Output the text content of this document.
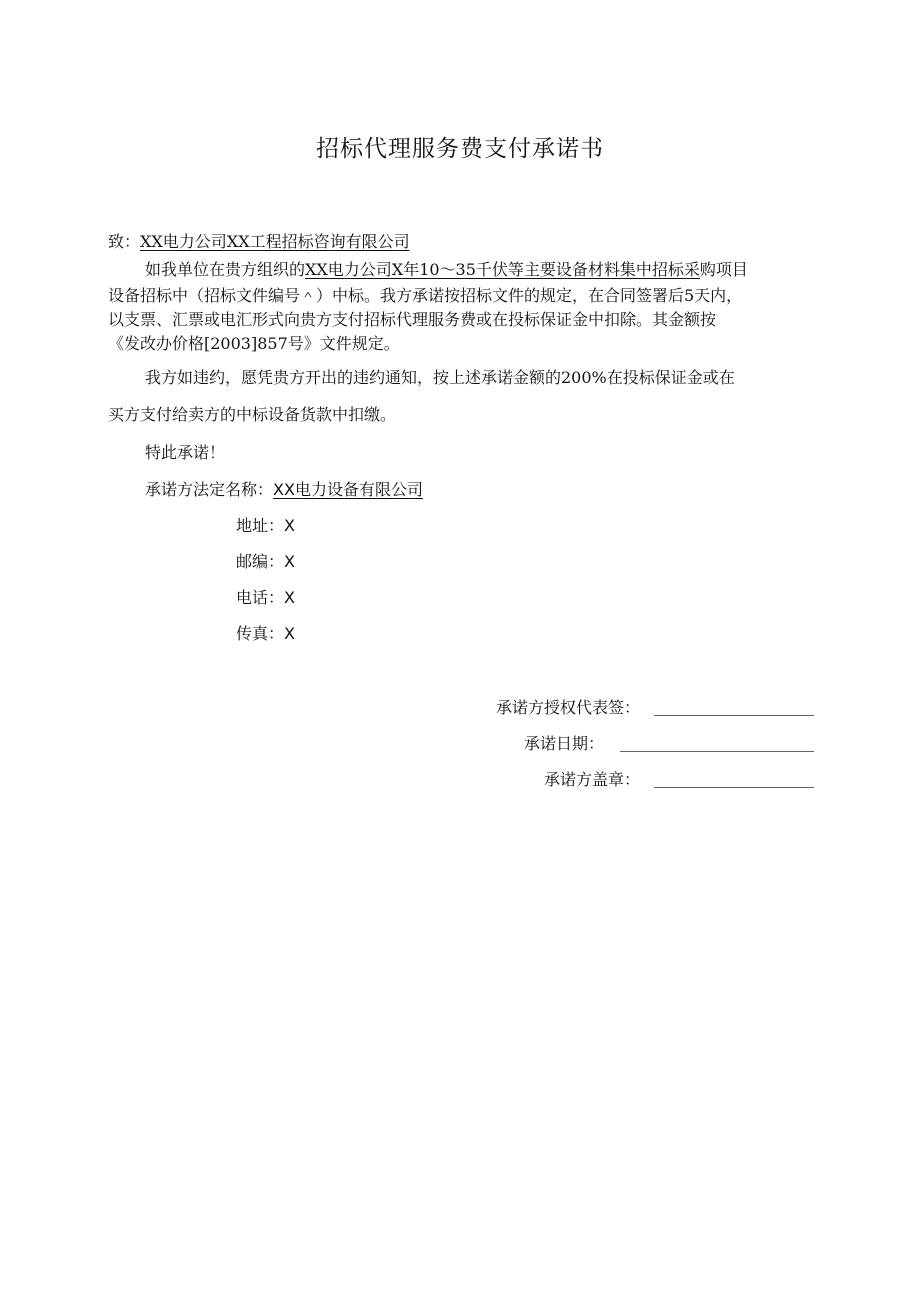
招标代理服务费支付承诺书
致：XX电力公司XX工程招标咨询有限公司
如我单位在贵方组织的XX电力公司X年10～35千伏等主要设备材料集中招标采购项目
设备招标中（招标文件编号＾）中标。我方承诺按招标文件的规定，在合同签署后5天内，
以支票、汇票或电汇形式向贵方支付招标代理服务费或在投标保证金中扣除。其金额按
《发改办价格[2003]857号》文件规定。
我方如违约，愿凭贵方开出的违约通知，按上述承诺金额的200%在投标保证金或在
买方支付给卖方的中标设备货款中扣缴。
特此承诺！
承诺方法定名称：XX电力设备有限公司
地址：X
邮编：X
电话：X
传真：X
承诺方授权代表签：
承诺日期：
承诺方盖章：
